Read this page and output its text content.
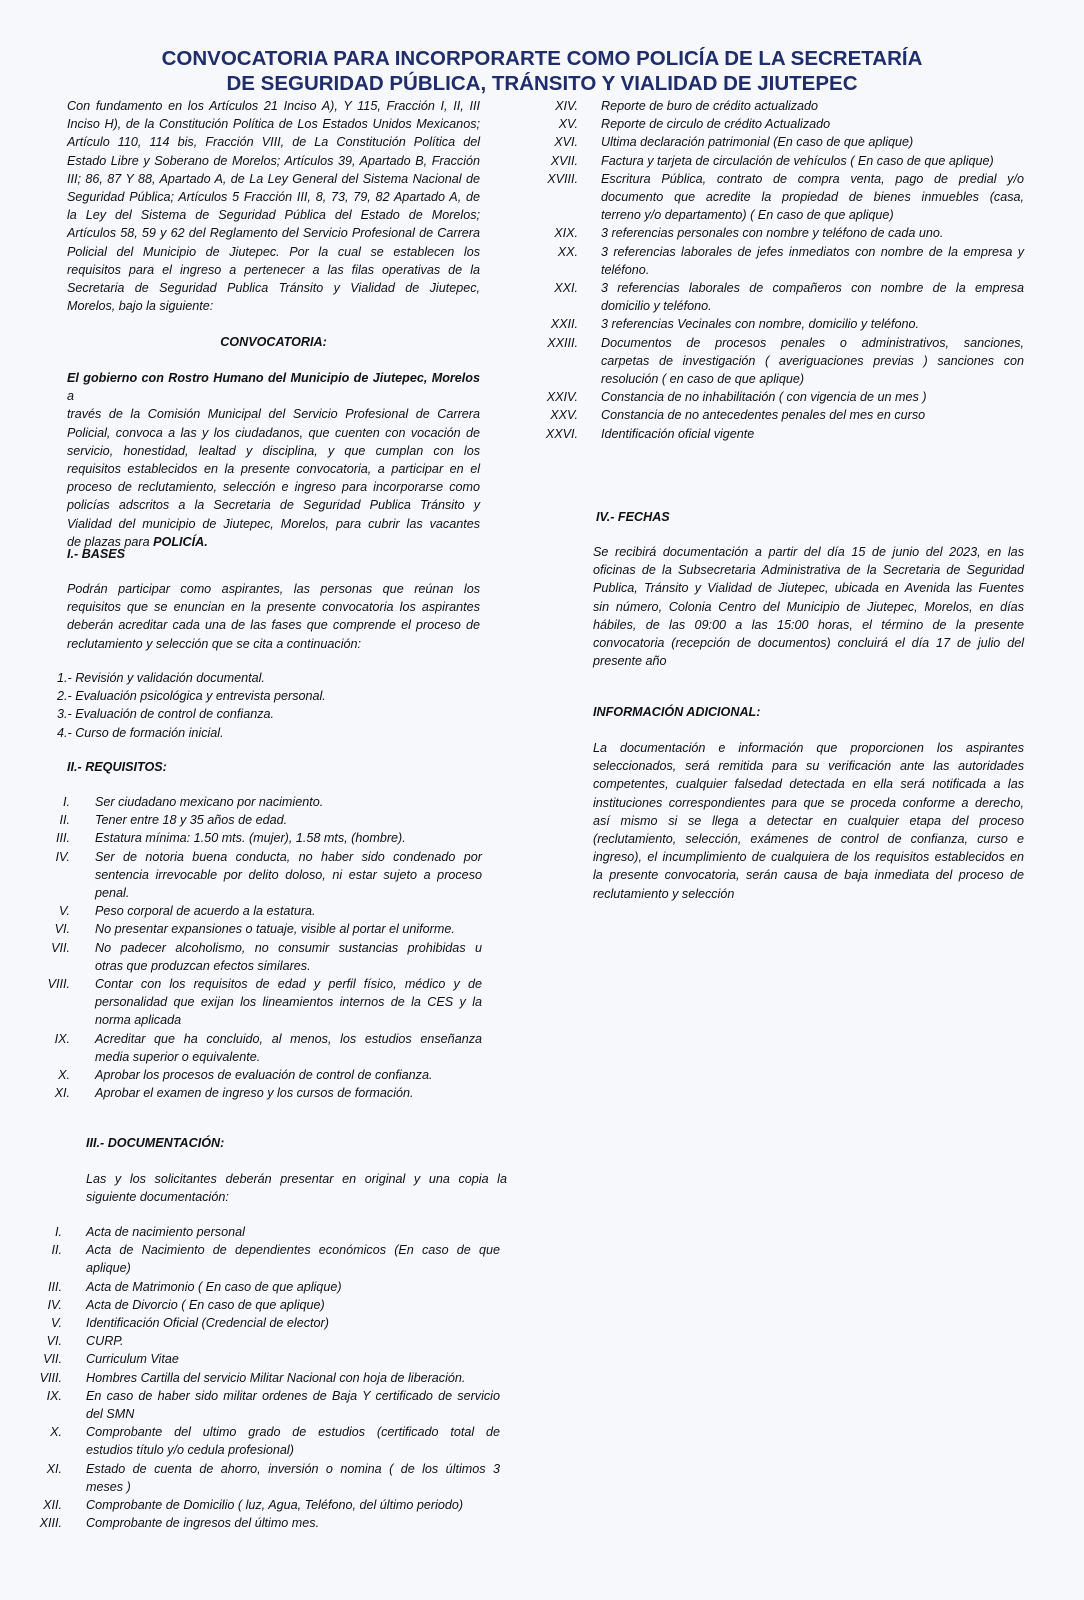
CONVOCATORIA PARA INCORPORARTE COMO POLICÍA DE LA SECRETARÍA
DE SEGURIDAD PÚBLICA, TRÁNSITO Y VIALIDAD DE JIUTEPEC
Con fundamento en los Artículos 21 Inciso A), Y 115, Fracción I, II, III
Inciso H), de la Constitución Política de Los Estados Unidos Mexicanos;
Artículo 110, 114 bis, Fracción VIII, de La Constitución Política del
Estado Libre y Soberano de Morelos; Artículos 39, Apartado B, Fracción
III; 86, 87 Y 88, Apartado A, de La Ley General del Sistema Nacional de
Seguridad Pública; Artículos 5 Fracción III, 8, 73, 79, 82 Apartado A, de
la Ley del Sistema de Seguridad Pública del Estado de Morelos;
Artículos 58, 59 y 62 del Reglamento del Servicio Profesional de Carrera
Policial del Municipio de Jiutepec. Por la cual se establecen los
requisitos para el ingreso a pertenecer a las filas operativas de la
Secretaria de Seguridad Publica Tránsito y Vialidad de Jiutepec,
Morelos, bajo la siguiente:
CONVOCATORIA:
El gobierno con Rostro Humano del Municipio de Jiutepec, Morelos a
través de la Comisión Municipal del Servicio Profesional de Carrera
Policial, convoca a las y los ciudadanos, que cuenten con vocación de
servicio, honestidad, lealtad y disciplina, y que cumplan con los
requisitos establecidos en la presente convocatoria, a participar en el
proceso de reclutamiento, selección e ingreso para incorporarse como
policías adscritos a la Secretaria de Seguridad Publica Tránsito y
Vialidad del municipio de Jiutepec, Morelos, para cubrir las vacantes
de plazas para POLICÍA.
I.- BASES
Podrán participar como aspirantes, las personas que reúnan los
requisitos que se enuncian en la presente convocatoria los aspirantes
deberán acreditar cada una de las fases que comprende el proceso de
reclutamiento y selección que se cita a continuación:
1.- Revisión y validación documental.
2.- Evaluación psicológica y entrevista personal.
3.- Evaluación de control de confianza.
4.- Curso de formación inicial.
II.- REQUISITOS:
I. Ser ciudadano mexicano por nacimiento.
II. Tener entre 18 y 35 años de edad.
III. Estatura mínima: 1.50 mts. (mujer), 1.58 mts, (hombre).
IV. Ser de notoria buena conducta, no haber sido condenado por
sentencia irrevocable por delito doloso, ni estar sujeto a proceso
penal.
V. Peso corporal de acuerdo a la estatura.
VI. No presentar expansiones o tatuaje, visible al portar el uniforme.
VII. No padecer alcoholismo, no consumir sustancias prohibidas u
otras que produzcan efectos similares.
VIII. Contar con los requisitos de edad y perfil físico, médico y de
personalidad que exijan los lineamientos internos de la CES y la
norma aplicada
IX. Acreditar que ha concluido, al menos, los estudios enseñanza
media superior o equivalente.
X. Aprobar los procesos de evaluación de control de confianza.
XI. Aprobar el examen de ingreso y los cursos de formación.
III.- DOCUMENTACIÓN:
Las y los solicitantes deberán presentar en original y una copia la
siguiente documentación:
I. Acta de nacimiento personal
II. Acta de Nacimiento de dependientes económicos (En caso de que
aplique)
III. Acta de Matrimonio ( En caso de que aplique)
IV. Acta de Divorcio ( En caso de que aplique)
V. Identificación Oficial (Credencial de elector)
VI. CURP.
VII. Curriculum Vitae
VIII. Hombres Cartilla del servicio Militar Nacional con hoja de liberación.
IX. En caso de haber sido militar ordenes de Baja Y certificado de servicio
del SMN
X. Comprobante del ultimo grado de estudios (certificado total de
estudios título y/o cedula profesional)
XI. Estado de cuenta de ahorro, inversión o nomina ( de los últimos 3
meses )
XII. Comprobante de Domicilio ( luz, Agua, Teléfono, del último periodo)
XIII. Comprobante de ingresos del último mes.
XIV. Reporte de buro de crédito actualizado
XV. Reporte de circulo de crédito Actualizado
XVI. Ultima declaración patrimonial (En caso de que aplique)
XVII. Factura y tarjeta de circulación de vehículos ( En caso de que aplique)
XVIII. Escritura Pública, contrato de compra venta, pago de predial y/o
documento que acredite la propiedad de bienes inmuebles (casa,
terreno y/o departamento) ( En caso de que aplique)
XIX. 3 referencias personales con nombre y teléfono de cada uno.
XX. 3 referencias laborales de jefes inmediatos con nombre de la empresa y
teléfono.
XXI. 3 referencias laborales de compañeros con nombre de la empresa
domicilio y teléfono.
XXII. 3 referencias Vecinales con nombre, domicilio y teléfono.
XXIII. Documentos de procesos penales o administrativos, sanciones,
carpetas de investigación ( averiguaciones previas ) sanciones con
resolución ( en caso de que aplique)
XXIV. Constancia de no inhabilitación ( con vigencia de un mes )
XXV. Constancia de no antecedentes penales del mes en curso
XXVI. Identificación oficial vigente
IV.- FECHAS
Se recibirá documentación a partir del día 15 de junio del 2023, en las
oficinas de la Subsecretaria Administrativa de la Secretaria de Seguridad
Publica, Tránsito y Vialidad de Jiutepec, ubicada en Avenida las Fuentes
sin número, Colonia Centro del Municipio de Jiutepec, Morelos, en días
hábiles, de las 09:00 a las 15:00 horas, el término de la presente
convocatoria (recepción de documentos) concluirá el día 17 de julio del
presente año
INFORMACIÓN ADICIONAL:
La documentación e información que proporcionen los aspirantes
seleccionados, será remitida para su verificación ante las autoridades
competentes, cualquier falsedad detectada en ella será notificada a las
instituciones correspondientes para que se proceda conforme a derecho,
así mismo si se llega a detectar en cualquier etapa del proceso
(reclutamiento, selección, exámenes de control de confianza, curso e
ingreso), el incumplimiento de cualquiera de los requisitos establecidos en
la presente convocatoria, serán causa de baja inmediata del proceso de
reclutamiento y selección
